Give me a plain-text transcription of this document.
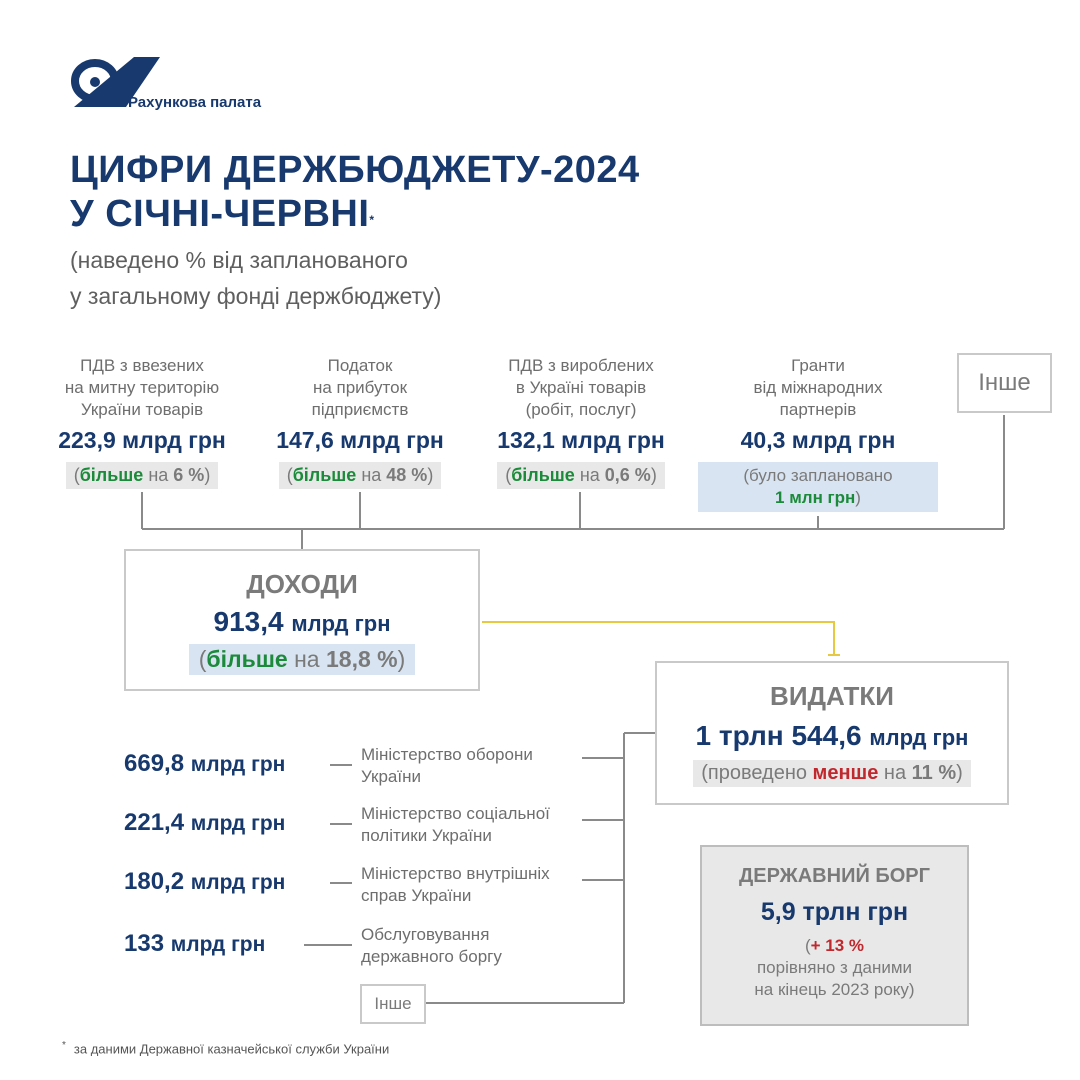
Рахункова палата
ЦИФРИ ДЕРЖБЮДЖЕТУ-2024
У СІЧНІ-ЧЕРВНІ*
(наведено % від запланованого
у загальному фонді держбюджету)
ПДВ з ввезених
на митну територію
України товарів
223,9 млрд грн
(більше на 6 %)
Податок
на прибуток
підприємств
147,6 млрд грн
(більше на 48 %)
ПДВ з вироблених
в Україні товарів
(робіт, послуг)
132,1 млрд грн
(більше на 0,6 %)
Гранти
від міжнародних
партнерів
40,3 млрд грн
(було заплановано
1 млн грн)
Інше
ДОХОДИ
913,4 млрд грн
(більше на 18,8 %)
ВИДАТКИ
1 трлн 544,6 млрд грн
(проведено менше на 11 %)
669,8 млрд грн	Міністерство оборони
України
221,4 млрд грн	Міністерство соціальної
політики України
180,2 млрд грн	Міністерство внутрішніх
справ України
133 млрд грн	Обслуговування
державного боргу
Інше
ДЕРЖАВНИЙ БОРГ
5,9 трлн грн
(+ 13 %
порівняно з даними
на кінець 2023 року)
* за даними Державної казначейської служби України
